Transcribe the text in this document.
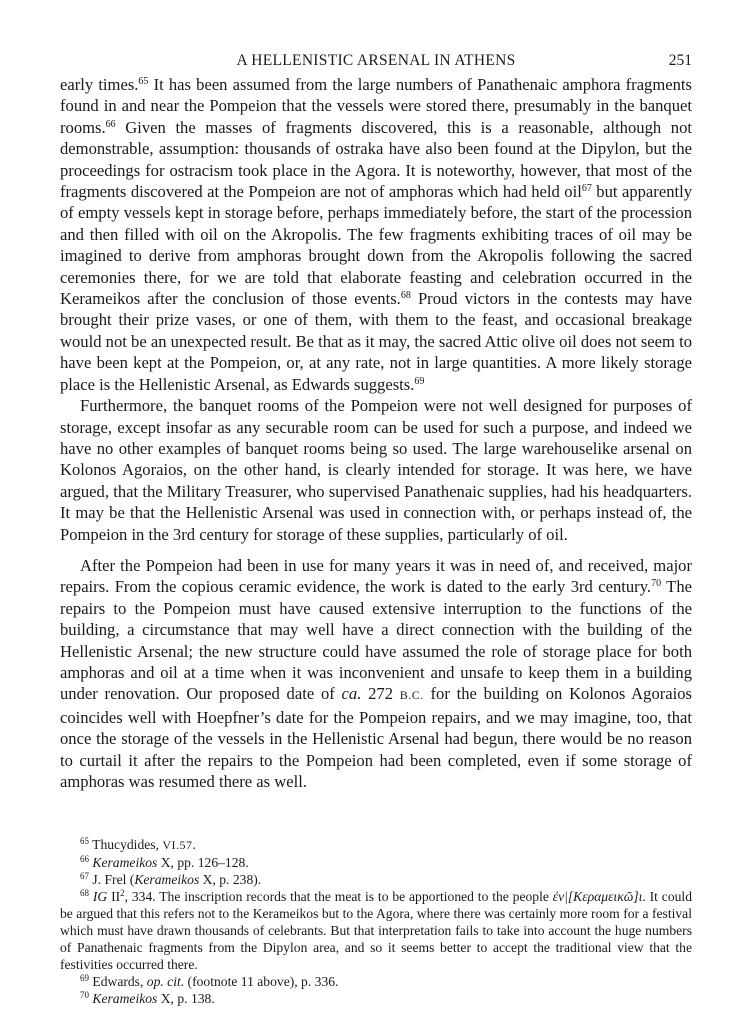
A HELLENISTIC ARSENAL IN ATHENS	251

early times.$^{65}$ It has been assumed from the large numbers of Panathenaic amphora fragments found in and near the Pompeion that the vessels were stored there, presumably in the banquet rooms.$^{66}$ Given the masses of fragments discovered, this is a reasonable, although not demonstrable, assumption: thousands of ostraka have also been found at the Dipylon, but the proceedings for ostracism took place in the Agora. It is noteworthy, however, that most of the fragments discovered at the Pompeion are not of amphoras which had held oil$^{67}$ but apparently of empty vessels kept in storage before, perhaps immediately before, the start of the procession and then filled with oil on the Akropolis. The few fragments exhibiting traces of oil may be imagined to derive from amphoras brought down from the Akropolis following the sacred ceremonies there, for we are told that elaborate feasting and celebration occurred in the Kerameikos after the conclusion of those events.$^{68}$ Proud victors in the contests may have brought their prize vases, or one of them, with them to the feast, and occasional breakage would not be an unexpected result. Be that as it may, the sacred Attic olive oil does not seem to have been kept at the Pompeion, or, at any rate, not in large quantities. A more likely storage place is the Hellenistic Arsenal, as Edwards suggests.$^{69}$

Furthermore, the banquet rooms of the Pompeion were not well designed for purposes of storage, except insofar as any securable room can be used for such a purpose, and indeed we have no other examples of banquet rooms being so used. The large warehouselike arsenal on Kolonos Agoraios, on the other hand, is clearly intended for storage. It was here, we have argued, that the Military Treasurer, who supervised Panathenaic supplies, had his headquarters. It may be that the Hellenistic Arsenal was used in connection with, or perhaps instead of, the Pompeion in the 3rd century for storage of these supplies, particularly of oil.

After the Pompeion had been in use for many years it was in need of, and received, major repairs. From the copious ceramic evidence, the work is dated to the early 3rd century.$^{70}$ The repairs to the Pompeion must have caused extensive interruption to the functions of the building, a circumstance that may well have a direct connection with the building of the Hellenistic Arsenal; the new structure could have assumed the role of storage place for both amphoras and oil at a time when it was inconvenient and unsafe to keep them in a building under renovation. Our proposed date of ca. 272 B.C. for the building on Kolonos Agoraios coincides well with Hoepfner’s date for the Pompeion repairs, and we may imagine, too, that once the storage of the vessels in the Hellenistic Arsenal had begun, there would be no reason to curtail it after the repairs to the Pompeion had been completed, even if some storage of amphoras was resumed there as well.

$^{65}$ Thucydides, VI.57.

$^{66}$ Kerameikos X, pp. 126–128.

$^{67}$ J. Frel (Kerameikos X, p. 238).

$^{68}$ IG $II^2$, 334. The inscription records that the meat is to be apportioned to the people ἐν|[Κεραμεικῶ]ι. It could be argued that this refers not to the Kerameikos but to the Agora, where there was certainly more room for a festival which must have drawn thousands of celebrants. But that interpretation fails to take into account the huge numbers of Panathenaic fragments from the Dipylon area, and so it seems better to accept the traditional view that the festivities occurred there.

$^{69}$ Edwards, op. cit. (footnote 11 above), p. 336.

$^{70}$ Kerameikos X, p. 138.
